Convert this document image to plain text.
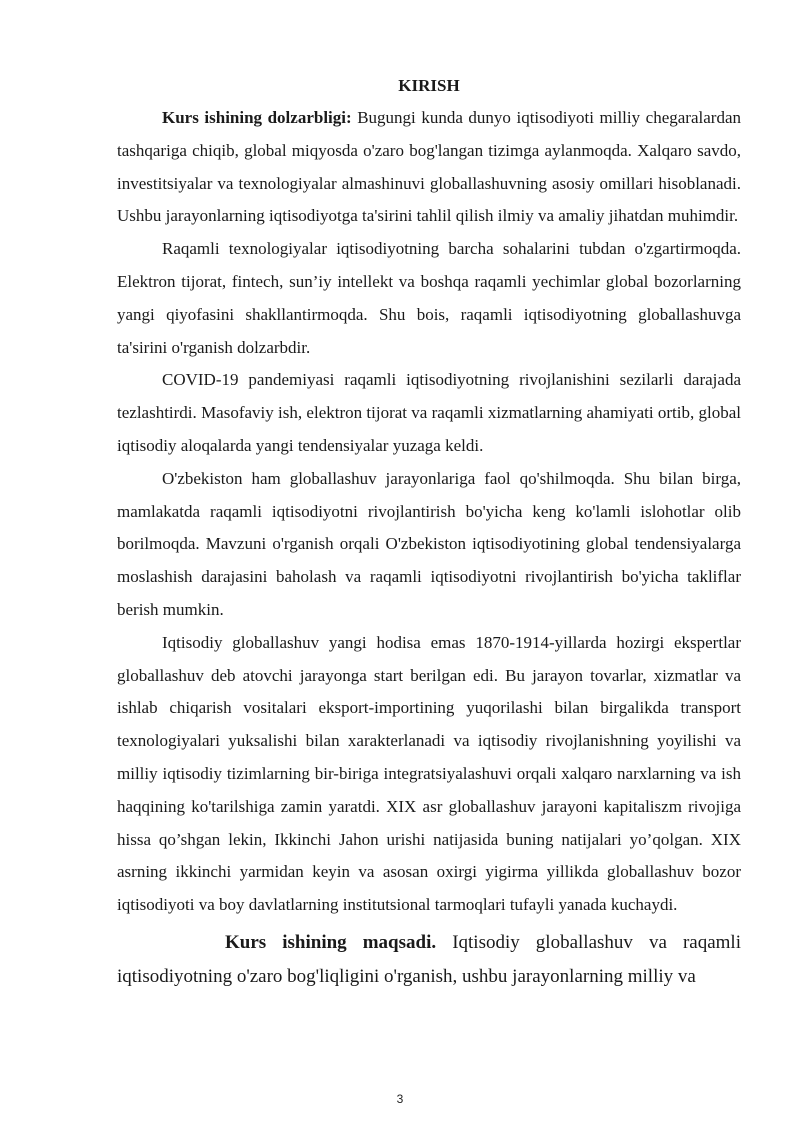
KIRISH

Kurs ishining dolzarbligi: Bugungi kunda dunyo iqtisodiyoti milliy chegaralardan tashqariga chiqib, global miqyosda o'zaro bog'langan tizimga aylanmoqda. Xalqaro savdo, investitsiyalar va texnologiyalar almashinuvi globallashuvning asosiy omillari hisoblanadi. Ushbu jarayonlarning iqtisodiyotga ta'sirini tahlil qilish ilmiy va amaliy jihatdan muhimdir.

Raqamli texnologiyalar iqtisodiyotning barcha sohalarini tubdan o'zgartirmoqda. Elektron tijorat, fintech, sun’iy intellekt va boshqa raqamli yechimlar global bozorlarning yangi qiyofasini shakllantirmoqda. Shu bois, raqamli iqtisodiyotning globallashuvga ta'sirini o'rganish dolzarbdir.

COVID-19 pandemiyasi raqamli iqtisodiyotning rivojlanishini sezilarli darajada tezlashtirdi. Masofaviy ish, elektron tijorat va raqamli xizmatlarning ahamiyati ortib, global iqtisodiy aloqalarda yangi tendensiyalar yuzaga keldi.

O'zbekiston ham globallashuv jarayonlariga faol qo'shilmoqda. Shu bilan birga, mamlakatda raqamli iqtisodiyotni rivojlantirish bo'yicha keng ko'lamli islohotlar olib borilmoqda. Mavzuni o'rganish orqali O'zbekiston iqtisodiyotining global tendensiyalarga moslashish darajasini baholash va raqamli iqtisodiyotni rivojlantirish bo'yicha takliflar berish mumkin.

Iqtisodiy globallashuv yangi hodisa emas 1870-1914-yillarda hozirgi ekspertlar globallashuv deb atovchi jarayonga start berilgan edi. Bu jarayon tovarlar, xizmatlar va ishlab chiqarish vositalari eksport-importining yuqorilashi bilan birgalikda transport texnologiyalari yuksalishi bilan xarakterlanadi va iqtisodiy rivojlanishning yoyilishi va milliy iqtisodiy tizimlarning bir-biriga integratsiyalashuvi orqali xalqaro narxlarning va ish haqqining ko'tarilshiga zamin yaratdi. XIX asr globallashuv jarayoni kapitaliszm rivojiga hissa qo’shgan lekin, Ikkinchi Jahon urishi natijasida buning natijalari yo’qolgan. XIX asrning ikkinchi yarmidan keyin va asosan oxirgi yigirma yillikda globallashuv bozor iqtisodiyoti va boy davlatlarning institutsional tarmoqlari tufayli yanada kuchaydi.

Kurs ishining maqsadi. Iqtisodiy globallashuv va raqamli iqtisodiyotning o'zaro bog'liqligini o'rganish, ushbu jarayonlarning milliy va

3
